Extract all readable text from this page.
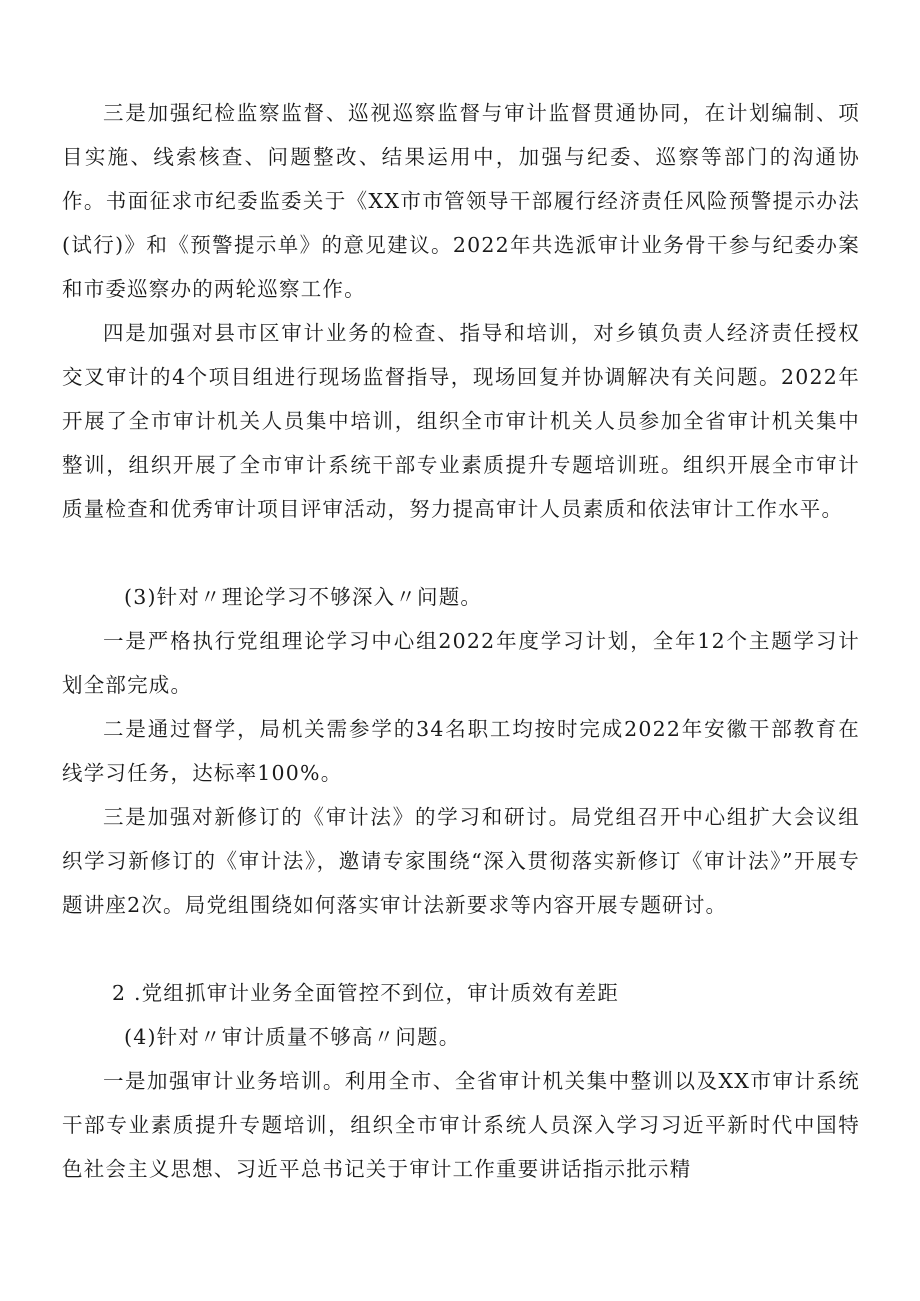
三是加强纪检监察监督、巡视巡察监督与审计监督贯通协同，在计划编制、项目实施、线索核查、问题整改、结果运用中，加强与纪委、巡察等部门的沟通协作。书面征求市纪委监委关于《XX市市管领导干部履行经济责任风险预警提示办法(试行)》和《预警提示单》的意见建议。2022年共选派审计业务骨干参与纪委办案和市委巡察办的两轮巡察工作。

四是加强对县市区审计业务的检查、指导和培训，对乡镇负责人经济责任授权交叉审计的4个项目组进行现场监督指导，现场回复并协调解决有关问题。2022年开展了全市审计机关人员集中培训，组织全市审计机关人员参加全省审计机关集中整训，组织开展了全市审计系统干部专业素质提升专题培训班。组织开展全市审计质量检查和优秀审计项目评审活动，努力提高审计人员素质和依法审计工作水平。

(3)针对〃理论学习不够深入〃问题。

一是严格执行党组理论学习中心组2022年度学习计划，全年12个主题学习计划全部完成。

二是通过督学，局机关需参学的34名职工均按时完成2022年安徽干部教育在线学习任务，达标率100%。

三是加强对新修订的《审计法》的学习和研讨。局党组召开中心组扩大会议组织学习新修订的《审计法》，邀请专家围绕“深入贯彻落实新修订《审计法》”开展专题讲座2次。局党组围绕如何落实审计法新要求等内容开展专题研讨。

2 .党组抓审计业务全面管控不到位，审计质效有差距

(4)针对〃审计质量不够高〃问题。

一是加强审计业务培训。利用全市、全省审计机关集中整训以及XX市审计系统干部专业素质提升专题培训，组织全市审计系统人员深入学习习近平新时代中国特色社会主义思想、习近平总书记关于审计工作重要讲话指示批示精
